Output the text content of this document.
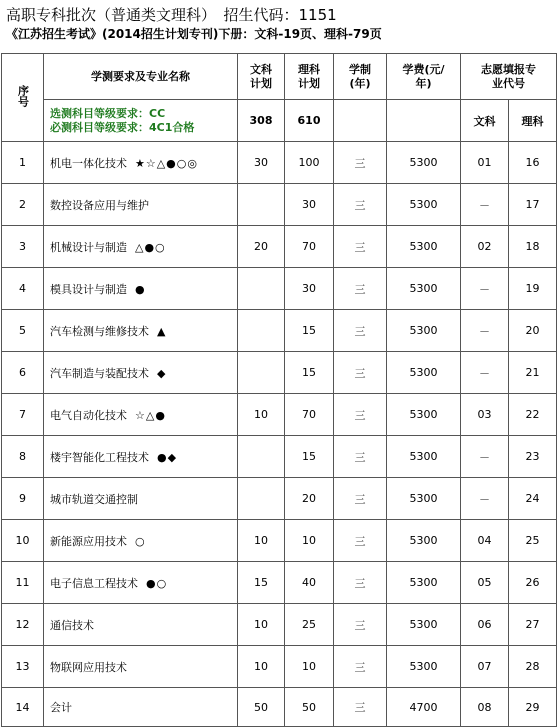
高职专科批次（普通类文理科）　招生代码：1151
《江苏招生考试》(2014招生计划专刊)下册：文科-19页、理科-79页
序号	学测要求及专业名称	文科计划	理科计划	学制(年)	学费(元/年)	志愿填报专业代号	

	选测科目等级要求：CC
必测科目等级要求：4C1合格	308	610			文科	理科
1	机电一体化技术 ★☆△●○◎	30	100	三	5300	01	16
2	数控设备应用与维护		30	三	5300	－	17
3	机械设计与制造 △●○	20	70	三	5300	02	18
4	模具设计与制造 ●		30	三	5300	－	19
5	汽车检测与维修技术 ▲		15	三	5300	－	20
6	汽车制造与装配技术 ◆		15	三	5300	－	21
7	电气自动化技术 ☆△●	10	70	三	5300	03	22
8	楼宇智能化工程技术 ●◆		15	三	5300	－	23
9	城市轨道交通控制		20	三	5300	－	24
10	新能源应用技术 ○	10	10	三	5300	04	25
11	电子信息工程技术 ●○	15	40	三	5300	05	26
12	通信技术	10	25	三	5300	06	27
13	物联网应用技术	10	10	三	5300	07	28
14	会计	50	50	三	4700	08	29
